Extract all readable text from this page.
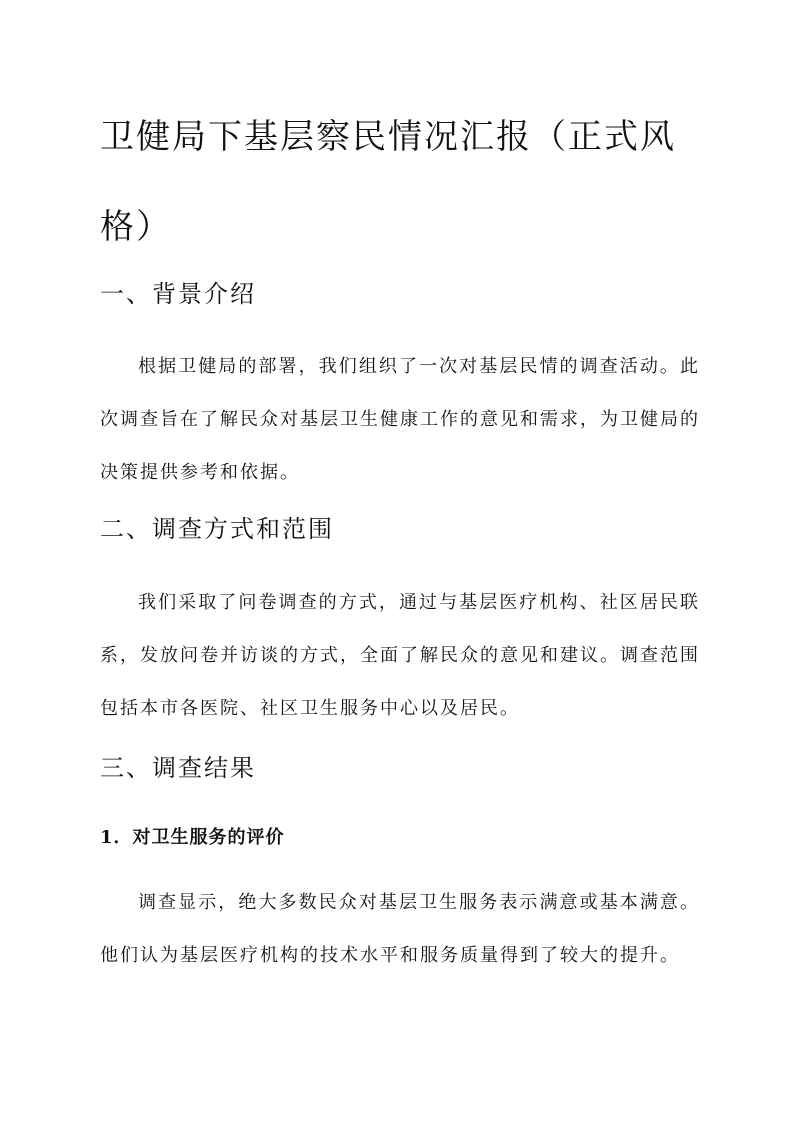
卫健局下基层察民情况汇报（正式风格）
一、背景介绍

根据卫健局的部署，我们组织了一次对基层民情的调查活动。此次调查旨在了解民众对基层卫生健康工作的意见和需求，为卫健局的决策提供参考和依据。

二、调查方式和范围

我们采取了问卷调查的方式，通过与基层医疗机构、社区居民联系，发放问卷并访谈的方式，全面了解民众的意见和建议。调查范围包括本市各医院、社区卫生服务中心以及居民。

三、调查结果
1．对卫生服务的评价

调查显示，绝大多数民众对基层卫生服务表示满意或基本满意。他们认为基层医疗机构的技术水平和服务质量得到了较大的提升。
